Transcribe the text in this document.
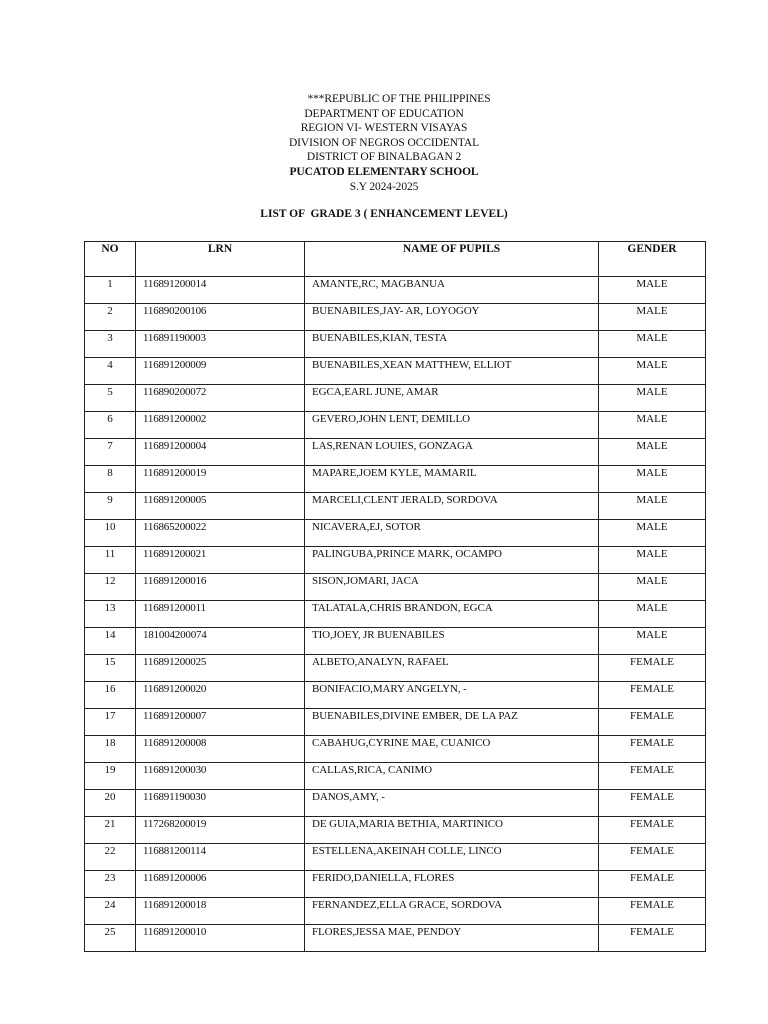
***REPUBLIC OF THE PHILIPPINES
DEPARTMENT OF EDUCATION
REGION VI- WESTERN VISAYAS
DIVISION OF NEGROS OCCIDENTAL
DISTRICT OF BINALBAGAN 2
PUCATOD ELEMENTARY SCHOOL
S.Y 2024-2025
LIST OF  GRADE 3 ( ENHANCEMENT LEVEL)
NO	LRN	NAME OF PUPILS	GENDER
1	116891200014	AMANTE,RC, MAGBANUA	MALE
2	116890200106	BUENABILES,JAY- AR, LOYOGOY	MALE
3	116891190003	BUENABILES,KIAN, TESTA	MALE
4	116891200009	BUENABILES,XEAN MATTHEW, ELLIOT	MALE
5	116890200072	EGCA,EARL JUNE, AMAR	MALE
6	116891200002	GEVERO,JOHN LENT, DEMILLO	MALE
7	116891200004	LAS,RENAN LOUIES, GONZAGA	MALE
8	116891200019	MAPARE,JOEM KYLE, MAMARIL	MALE
9	116891200005	MARCELI,CLENT JERALD, SORDOVA	MALE
10	116865200022	NICAVERA,EJ, SOTOR	MALE
11	116891200021	PALINGUBA,PRINCE MARK, OCAMPO	MALE
12	116891200016	SISON,JOMARI, JACA	MALE
13	116891200011	TALATALA,CHRIS BRANDON, EGCA	MALE
14	181004200074	TIO,JOEY, JR BUENABILES	MALE
15	116891200025	ALBETO,ANALYN, RAFAEL	FEMALE
16	116891200020	BONIFACIO,MARY ANGELYN, -	FEMALE
17	116891200007	BUENABILES,DIVINE EMBER, DE LA PAZ	FEMALE
18	116891200008	CABAHUG,CYRINE MAE, CUANICO	FEMALE
19	116891200030	CALLAS,RICA, CANIMO	FEMALE
20	116891190030	DANOS,AMY, -	FEMALE
21	117268200019	DE GUIA,MARIA BETHIA, MARTINICO	FEMALE
22	116881200114	ESTELLENA,AKEINAH COLLE, LINCO	FEMALE
23	116891200006	FERIDO,DANIELLA, FLORES	FEMALE
24	116891200018	FERNANDEZ,ELLA GRACE, SORDOVA	FEMALE
25	116891200010	FLORES,JESSA MAE, PENDOY	FEMALE
